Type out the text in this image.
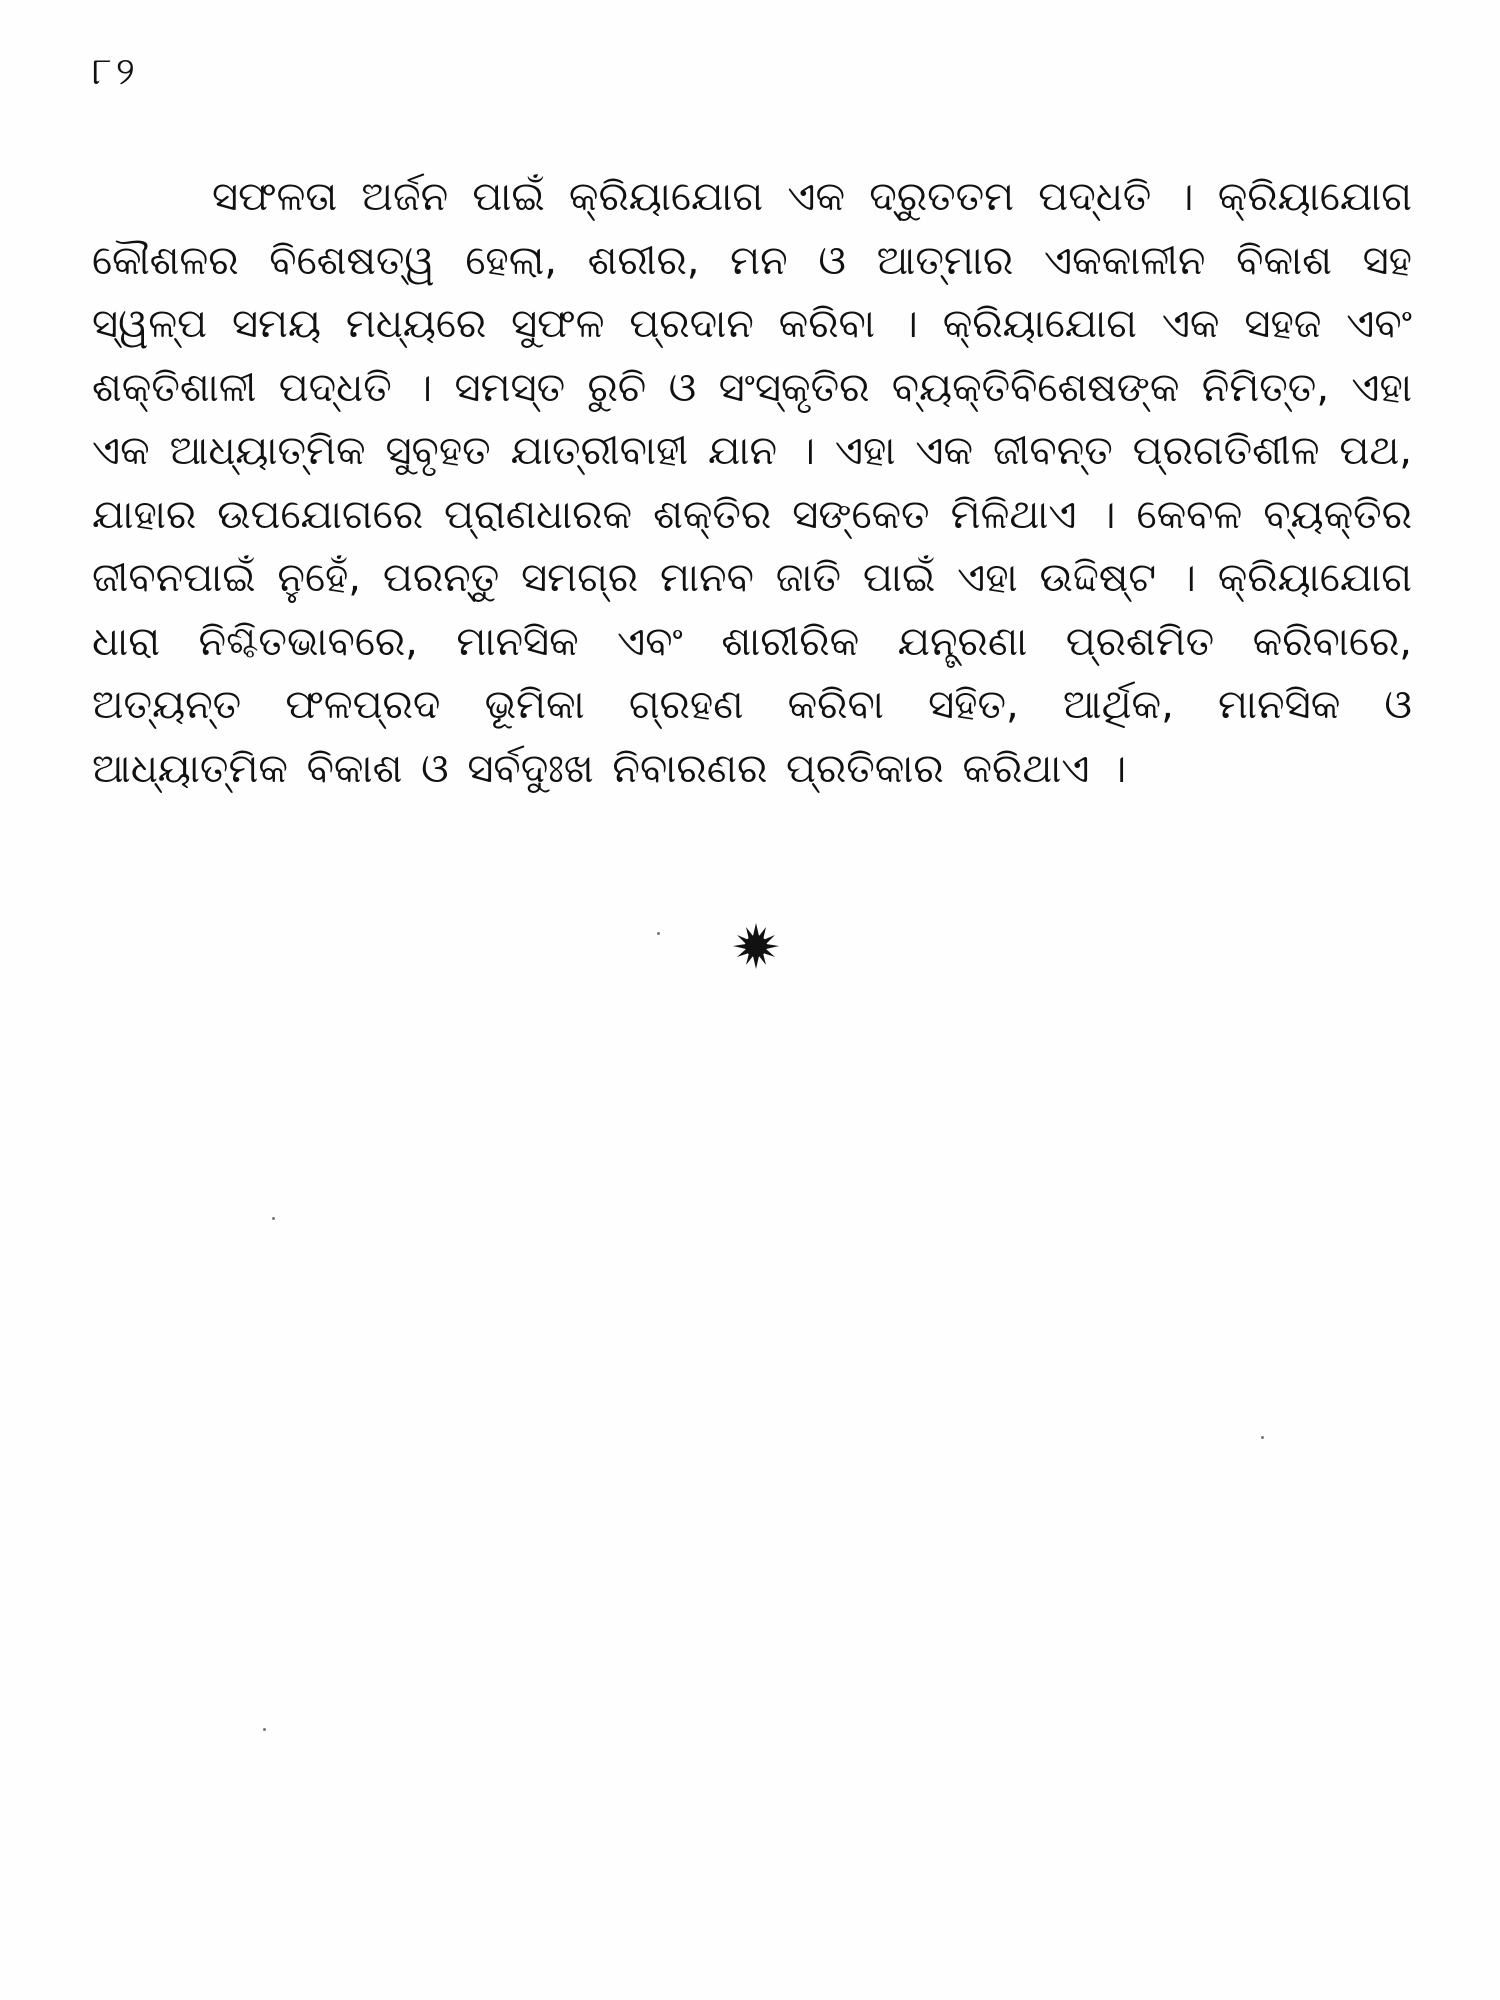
୮୨

ସଫଳତା ଅର୍ଜନ ପାଇଁ କ୍ରିୟାଯୋଗ ଏକ ଦ୍ରୁତତମ ପଦ୍ଧତି । କ୍ରିୟାଯୋଗ କୌଶଳର ବିଶେଷତ୍ୱ ହେଲା, ଶରୀର, ମନ ଓ ଆତ୍ମାର ଏକକାଳୀନ ବିକାଶ ସହ ସ୍ୱଳ୍ପ ସମୟ ମଧ୍ୟରେ ସୁଫଳ ପ୍ରଦାନ କରିବା । କ୍ରିୟାଯୋଗ ଏକ ସହଜ ଏବଂ ଶକ୍ତିଶାଳୀ ପଦ୍ଧତି । ସମସ୍ତ ରୁଚି ଓ ସଂସ୍କୃତିର ବ୍ୟକ୍ତିବିଶେଷଙ୍କ ନିମିତ୍ତ, ଏହା ଏକ ଆଧ୍ୟାତ୍ମିକ ସୁବୃହତ ଯାତ୍ରୀବାହୀ ଯାନ । ଏହା ଏକ ଜୀବନ୍ତ ପ୍ରଗତିଶୀଳ ପଥ, ଯାହାର ଉପଯୋଗରେ ପ୍ରାଣଧାରକ ଶକ୍ତିର ସଙ୍କେତ ମିଳିଥାଏ । କେବଳ ବ୍ୟକ୍ତିର ଜୀବନପାଇଁ ନୁହେଁ, ପରନ୍ତୁ ସମଗ୍ର ମାନବ ଜାତି ପାଇଁ ଏହା ଉଦ୍ଦିଷ୍ଟ । କ୍ରିୟାଯୋଗ ଧାରା ନିଶ୍ଚିତଭାବରେ, ମାନସିକ ଏବଂ ଶାରୀରିକ ଯନ୍ତ୍ରଣା ପ୍ରଶମିତ କରିବାରେ, ଅତ୍ୟନ୍ତ ଫଳପ୍ରଦ ଭୂମିକା ଗ୍ରହଣ କରିବା ସହିତ, ଆର୍ଥିକ, ମାନସିକ ଓ ଆଧ୍ୟାତ୍ମିକ ବିକାଶ ଓ ସର୍ବଦୁଃଖ ନିବାରଣର ପ୍ରତିକାର କରିଥାଏ ।
